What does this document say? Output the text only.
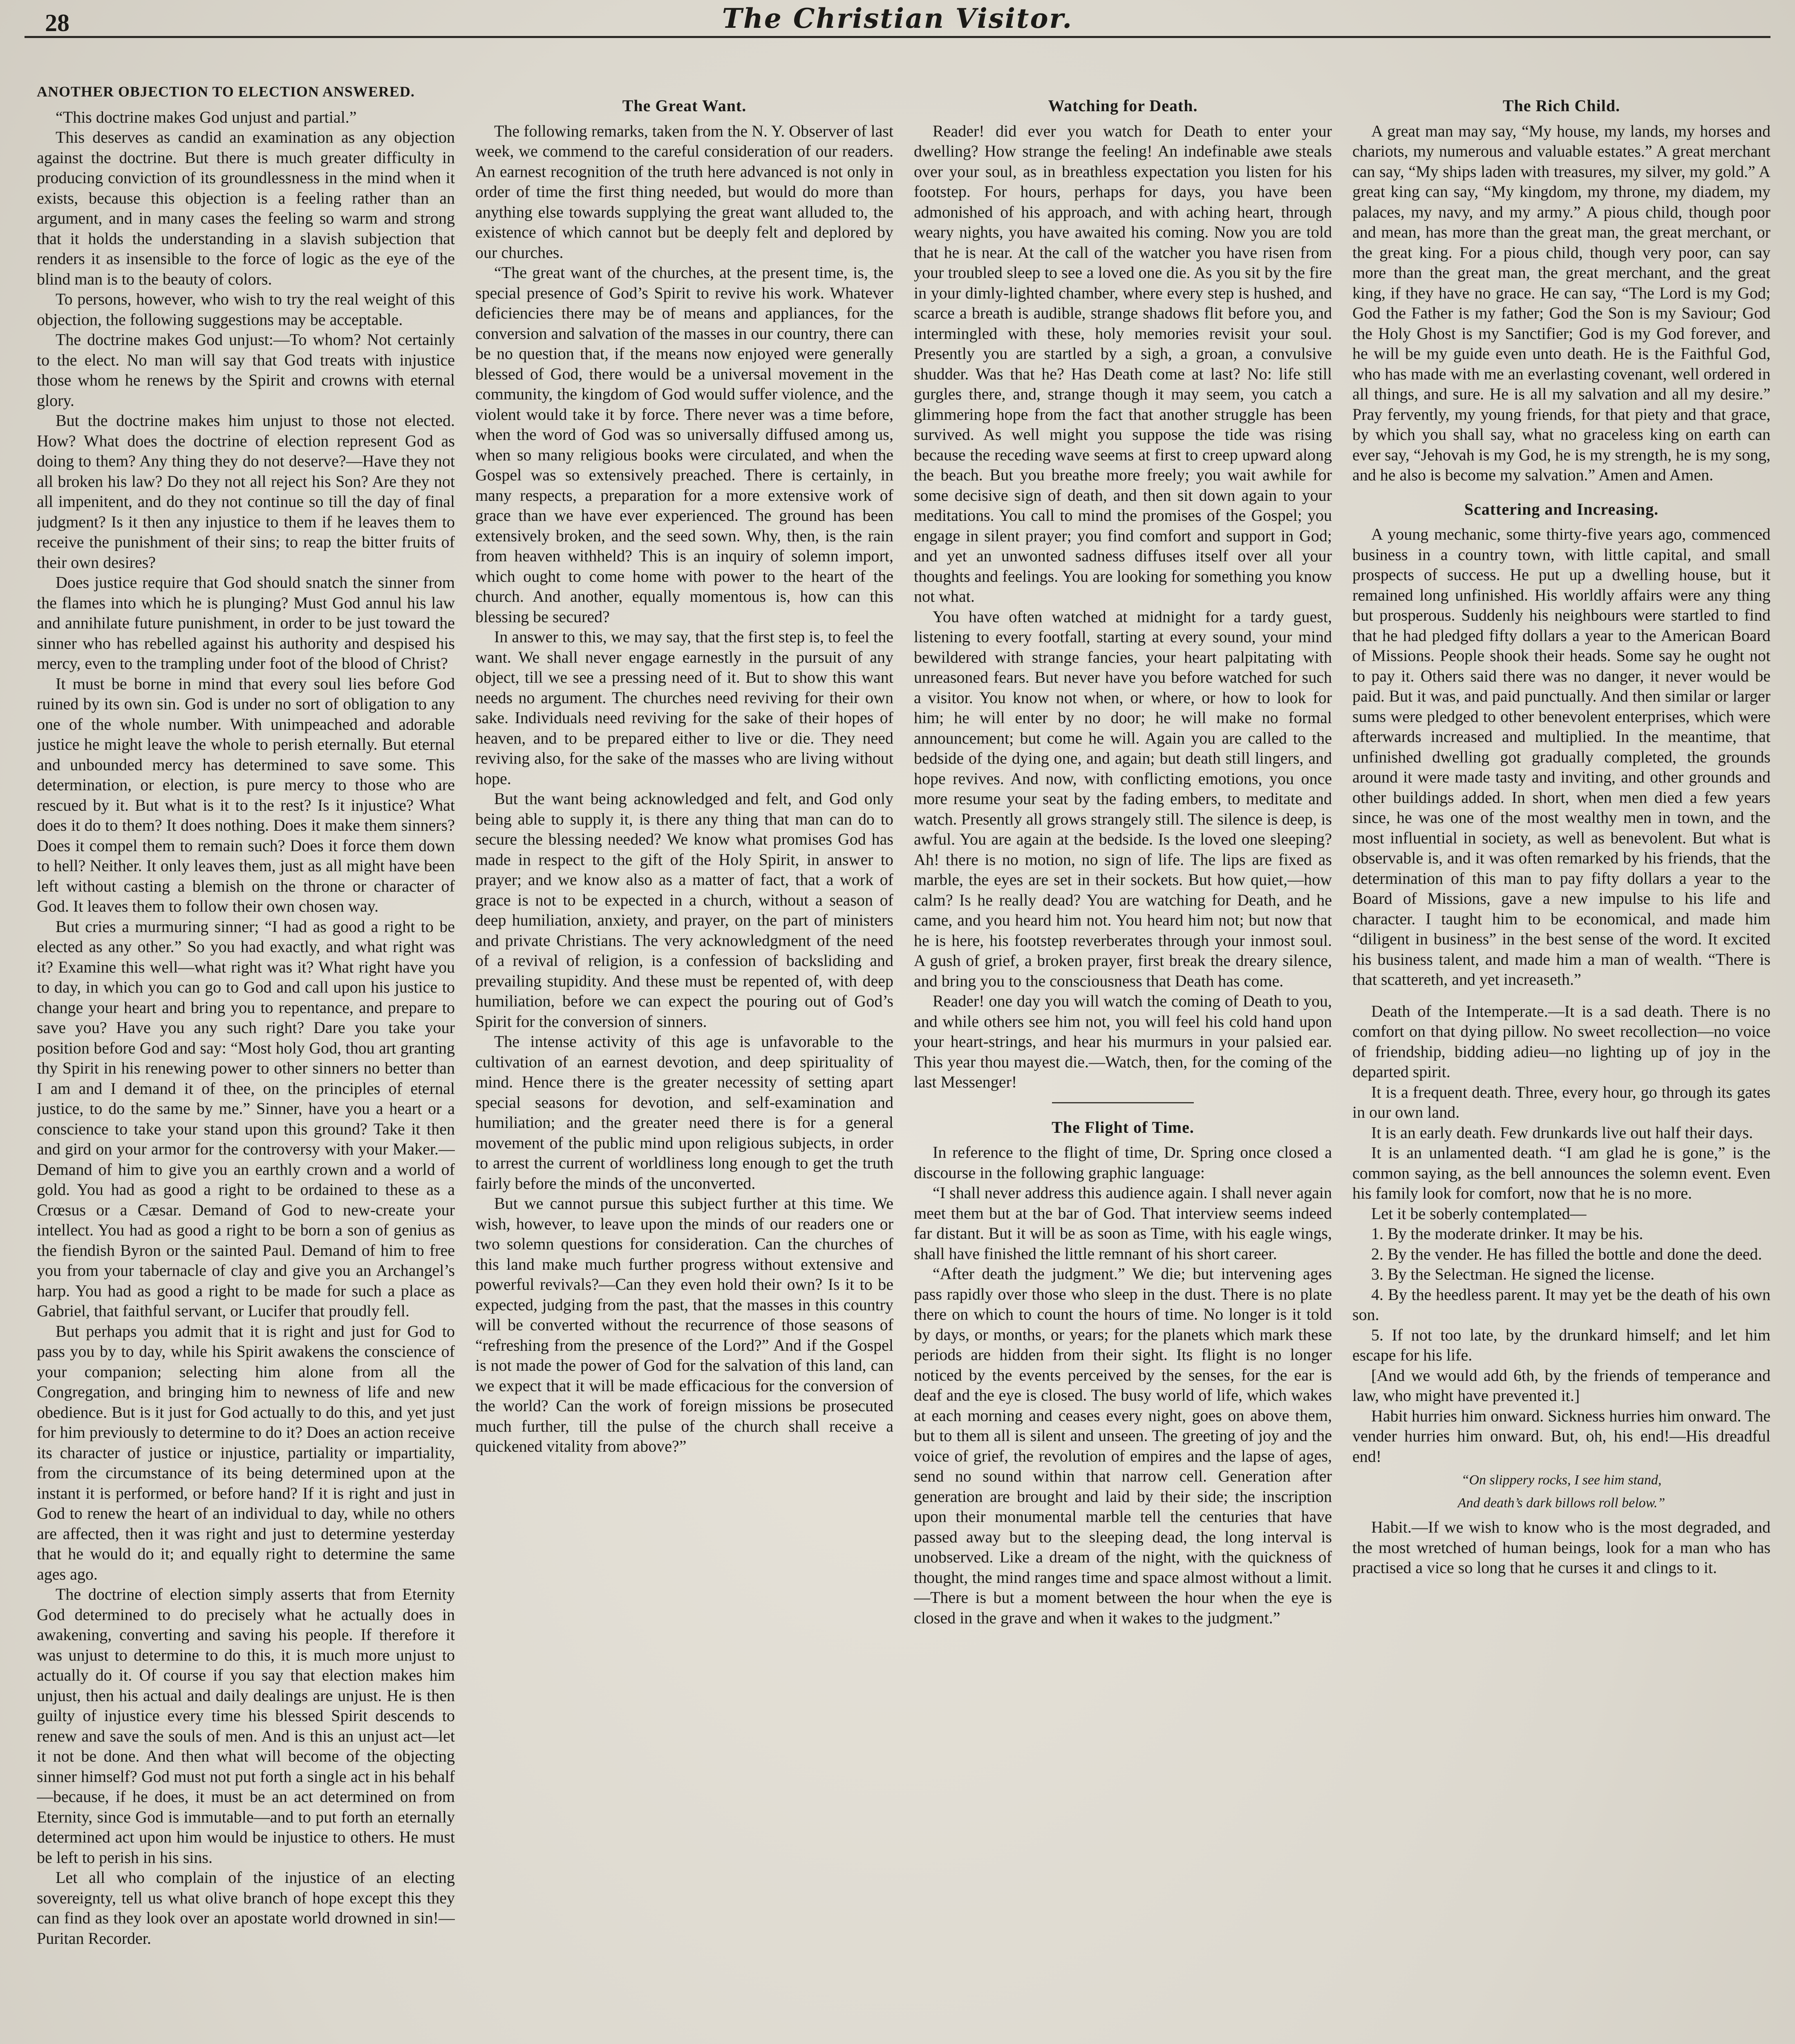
28	The Christian Visitor.
ANOTHER OBJECTION TO ELECTION ANSWERED.

“This doctrine makes God unjust and partial.”

This deserves as candid an examination as any objection against the doctrine. But there is much greater difficulty in producing conviction of its groundlessness in the mind when it exists, because this objection is a feeling rather than an argument, and in many cases the feeling so warm and strong that it holds the understanding in a slavish subjection that renders it as insensible to the force of logic as the eye of the blind man is to the beauty of colors.

To persons, however, who wish to try the real weight of this objection, the following suggestions may be acceptable.

The doctrine makes God unjust:—To whom? Not certainly to the elect. No man will say that God treats with injustice those whom he renews by the Spirit and crowns with eternal glory.

But the doctrine makes him unjust to those not elected. How? What does the doctrine of election represent God as doing to them? Any thing they do not deserve?—Have they not all broken his law? Do they not all reject his Son? Are they not all impenitent, and do they not continue so till the day of final judgment? Is it then any injustice to them if he leaves them to receive the punishment of their sins; to reap the bitter fruits of their own desires?

Does justice require that God should snatch the sinner from the flames into which he is plunging? Must God annul his law and annihilate future punishment, in order to be just toward the sinner who has rebelled against his authority and despised his mercy, even to the trampling under foot of the blood of Christ?

It must be borne in mind that every soul lies before God ruined by its own sin. God is under no sort of obligation to any one of the whole number. With unimpeached and adorable justice he might leave the whole to perish eternally. But eternal and unbounded mercy has determined to save some. This determination, or election, is pure mercy to those who are rescued by it. But what is it to the rest? Is it injustice? What does it do to them? It does nothing. Does it make them sinners? Does it compel them to remain such? Does it force them down to hell? Neither. It only leaves them, just as all might have been left without casting a blemish on the throne or character of God. It leaves them to follow their own chosen way.

But cries a murmuring sinner; “I had as good a right to be elected as any other.” So you had exactly, and what right was it? Examine this well—what right was it? What right have you to day, in which you can go to God and call upon his justice to change your heart and bring you to repentance, and prepare to save you? Have you any such right? Dare you take your position before God and say: “Most holy God, thou art granting thy Spirit in his renewing power to other sinners no better than I am and I demand it of thee, on the principles of eternal justice, to do the same by me.” Sinner, have you a heart or a conscience to take your stand upon this ground? Take it then and gird on your armor for the controversy with your Maker.—Demand of him to give you an earthly crown and a world of gold. You had as good a right to be ordained to these as a Crœsus or a Cæsar. Demand of God to new-create your intellect. You had as good a right to be born a son of genius as the fiendish Byron or the sainted Paul. Demand of him to free you from your tabernacle of clay and give you an Archangel’s harp. You had as good a right to be made for such a place as Gabriel, that faithful servant, or Lucifer that proudly fell.

But perhaps you admit that it is right and just for God to pass you by to day, while his Spirit awakens the conscience of your companion; selecting him alone from all the Congregation, and bringing him to newness of life and new obedience. But is it just for God actually to do this, and yet just for him previously to determine to do it? Does an action receive its character of justice or injustice, partiality or impartiality, from the circumstance of its being determined upon at the instant it is performed, or before hand? If it is right and just in God to renew the heart of an individual to day, while no others are affected, then it was right and just to determine yesterday that he would do it; and equally right to determine the same ages ago.

The doctrine of election simply asserts that from Eternity God determined to do precisely what he actually does in awakening, converting and saving his people. If therefore it was unjust to determine to do this, it is much more unjust to actually do it. Of course if you say that election makes him unjust, then his actual and daily dealings are unjust. He is then guilty of injustice every time his blessed Spirit descends to renew and save the souls of men. And is this an unjust act—let it not be done. And then what will become of the objecting sinner himself? God must not put forth a single act in his behalf—because, if he does, it must be an act determined on from Eternity, since God is immutable—and to put forth an eternally determined act upon him would be injustice to others. He must be left to perish in his sins.

Let all who complain of the injustice of an electing sovereignty, tell us what olive branch of hope except this they can find as they look over an apostate world drowned in sin!—Puritan Recorder.

The Great Want.

The following remarks, taken from the N. Y. Observer of last week, we commend to the careful consideration of our readers. An earnest recognition of the truth here advanced is not only in order of time the first thing needed, but would do more than anything else towards supplying the great want alluded to, the existence of which cannot but be deeply felt and deplored by our churches.

“The great want of the churches, at the present time, is, the special presence of God’s Spirit to revive his work. Whatever deficiencies there may be of means and appliances, for the conversion and salvation of the masses in our country, there can be no question that, if the means now enjoyed were generally blessed of God, there would be a universal movement in the community, the kingdom of God would suffer violence, and the violent would take it by force. There never was a time before, when the word of God was so universally diffused among us, when so many religious books were circulated, and when the Gospel was so extensively preached. There is certainly, in many respects, a preparation for a more extensive work of grace than we have ever experienced. The ground has been extensively broken, and the seed sown. Why, then, is the rain from heaven withheld? This is an inquiry of solemn import, which ought to come home with power to the heart of the church. And another, equally momentous is, how can this blessing be secured?

In answer to this, we may say, that the first step is, to feel the want. We shall never engage earnestly in the pursuit of any object, till we see a pressing need of it. But to show this want needs no argument. The churches need reviving for their own sake. Individuals need reviving for the sake of their hopes of heaven, and to be prepared either to live or die. They need reviving also, for the sake of the masses who are living without hope.

But the want being acknowledged and felt, and God only being able to supply it, is there any thing that man can do to secure the blessing needed? We know what promises God has made in respect to the gift of the Holy Spirit, in answer to prayer; and we know also as a matter of fact, that a work of grace is not to be expected in a church, without a season of deep humiliation, anxiety, and prayer, on the part of ministers and private Christians. The very acknowledgment of the need of a revival of religion, is a confession of backsliding and prevailing stupidity. And these must be repented of, with deep humiliation, before we can expect the pouring out of God’s Spirit for the conversion of sinners.

The intense activity of this age is unfavorable to the cultivation of an earnest devotion, and deep spirituality of mind. Hence there is the greater necessity of setting apart special seasons for devotion, and self-examination and humiliation; and the greater need there is for a general movement of the public mind upon religious subjects, in order to arrest the current of worldliness long enough to get the truth fairly before the minds of the unconverted.

But we cannot pursue this subject further at this time. We wish, however, to leave upon the minds of our readers one or two solemn questions for consideration. Can the churches of this land make much further progress without extensive and powerful revivals?—Can they even hold their own? Is it to be expected, judging from the past, that the masses in this country will be converted without the recurrence of those seasons of “refreshing from the presence of the Lord?” And if the Gospel is not made the power of God for the salvation of this land, can we expect that it will be made efficacious for the conversion of the world? Can the work of foreign missions be prosecuted much further, till the pulse of the church shall receive a quickened vitality from above?”

Watching for Death.

Reader! did ever you watch for Death to enter your dwelling? How strange the feeling! An indefinable awe steals over your soul, as in breathless expectation you listen for his footstep. For hours, perhaps for days, you have been admonished of his approach, and with aching heart, through weary nights, you have awaited his coming. Now you are told that he is near. At the call of the watcher you have risen from your troubled sleep to see a loved one die. As you sit by the fire in your dimly-lighted chamber, where every step is hushed, and scarce a breath is audible, strange shadows flit before you, and intermingled with these, holy memories revisit your soul. Presently you are startled by a sigh, a groan, a convulsive shudder. Was that he? Has Death come at last? No: life still gurgles there, and, strange though it may seem, you catch a glimmering hope from the fact that another struggle has been survived. As well might you suppose the tide was rising because the receding wave seems at first to creep upward along the beach. But you breathe more freely; you wait awhile for some decisive sign of death, and then sit down again to your meditations. You call to mind the promises of the Gospel; you engage in silent prayer; you find comfort and support in God; and yet an unwonted sadness diffuses itself over all your thoughts and feelings. You are looking for something you know not what.

You have often watched at midnight for a tardy guest, listening to every footfall, starting at every sound, your mind bewildered with strange fancies, your heart palpitating with unreasoned fears. But never have you before watched for such a visitor. You know not when, or where, or how to look for him; he will enter by no door; he will make no formal announcement; but come he will. Again you are called to the bedside of the dying one, and again; but death still lingers, and hope revives. And now, with conflicting emotions, you once more resume your seat by the fading embers, to meditate and watch. Presently all grows strangely still. The silence is deep, is awful. You are again at the bedside. Is the loved one sleeping? Ah! there is no motion, no sign of life. The lips are fixed as marble, the eyes are set in their sockets. But how quiet,—how calm? Is he really dead? You are watching for Death, and he came, and you heard him not. You heard him not; but now that he is here, his footstep reverberates through your inmost soul. A gush of grief, a broken prayer, first break the dreary silence, and bring you to the consciousness that Death has come.

Reader! one day you will watch the coming of Death to you, and while others see him not, you will feel his cold hand upon your heart-strings, and hear his murmurs in your palsied ear. This year thou mayest die.—Watch, then, for the coming of the last Messenger!

The Flight of Time.

In reference to the flight of time, Dr. Spring once closed a discourse in the following graphic language:

“I shall never address this audience again. I shall never again meet them but at the bar of God. That interview seems indeed far distant. But it will be as soon as Time, with his eagle wings, shall have finished the little remnant of his short career.

“After death the judgment.” We die; but intervening ages pass rapidly over those who sleep in the dust. There is no plate there on which to count the hours of time. No longer is it told by days, or months, or years; for the planets which mark these periods are hidden from their sight. Its flight is no longer noticed by the events perceived by the senses, for the ear is deaf and the eye is closed. The busy world of life, which wakes at each morning and ceases every night, goes on above them, but to them all is silent and unseen. The greeting of joy and the voice of grief, the revolution of empires and the lapse of ages, send no sound within that narrow cell. Generation after generation are brought and laid by their side; the inscription upon their monumental marble tell the centuries that have passed away but to the sleeping dead, the long interval is unobserved. Like a dream of the night, with the quickness of thought, the mind ranges time and space almost without a limit.—There is but a moment between the hour when the eye is closed in the grave and when it wakes to the judgment.”

The Rich Child.

A great man may say, “My house, my lands, my horses and chariots, my numerous and valuable estates.” A great merchant can say, “My ships laden with treasures, my silver, my gold.” A great king can say, “My kingdom, my throne, my diadem, my palaces, my navy, and my army.” A pious child, though poor and mean, has more than the great man, the great merchant, or the great king. For a pious child, though very poor, can say more than the great man, the great merchant, and the great king, if they have no grace. He can say, “The Lord is my God; God the Father is my father; God the Son is my Saviour; God the Holy Ghost is my Sanctifier; God is my God forever, and he will be my guide even unto death. He is the Faithful God, who has made with me an everlasting covenant, well ordered in all things, and sure. He is all my salvation and all my desire.” Pray fervently, my young friends, for that piety and that grace, by which you shall say, what no graceless king on earth can ever say, “Jehovah is my God, he is my strength, he is my song, and he also is become my salvation.” Amen and Amen.

Scattering and Increasing.

A young mechanic, some thirty-five years ago, commenced business in a country town, with little capital, and small prospects of success. He put up a dwelling house, but it remained long unfinished. His worldly affairs were any thing but prosperous. Suddenly his neighbours were startled to find that he had pledged fifty dollars a year to the American Board of Missions. People shook their heads. Some say he ought not to pay it. Others said there was no danger, it never would be paid. But it was, and paid punctually. And then similar or larger sums were pledged to other benevolent enterprises, which were afterwards increased and multiplied. In the meantime, that unfinished dwelling got gradually completed, the grounds around it were made tasty and inviting, and other grounds and other buildings added. In short, when men died a few years since, he was one of the most wealthy men in town, and the most influential in society, as well as benevolent. But what is observable is, and it was often remarked by his friends, that the determination of this man to pay fifty dollars a year to the Board of Missions, gave a new impulse to his life and character. I taught him to be economical, and made him “diligent in business” in the best sense of the word. It excited his business talent, and made him a man of wealth. “There is that scattereth, and yet increaseth.”

Death of the Intemperate.—It is a sad death. There is no comfort on that dying pillow. No sweet recollection—no voice of friendship, bidding adieu—no lighting up of joy in the departed spirit.

It is a frequent death. Three, every hour, go through its gates in our own land.

It is an early death. Few drunkards live out half their days.

It is an unlamented death. “I am glad he is gone,” is the common saying, as the bell announces the solemn event. Even his family look for comfort, now that he is no more.

Let it be soberly contemplated—

1. By the moderate drinker. It may be his.

2. By the vender. He has filled the bottle and done the deed.

3. By the Selectman. He signed the license.

4. By the heedless parent. It may yet be the death of his own son.

5. If not too late, by the drunkard himself; and let him escape for his life.

[And we would add 6th, by the friends of temperance and law, who might have prevented it.]

Habit hurries him onward. Sickness hurries him onward. The vender hurries him onward. But, oh, his end!—His dreadful end!

“On slippery rocks, I see him stand,

And death’s dark billows roll below.”

Habit.—If we wish to know who is the most degraded, and the most wretched of human beings, look for a man who has practised a vice so long that he curses it and clings to it.
